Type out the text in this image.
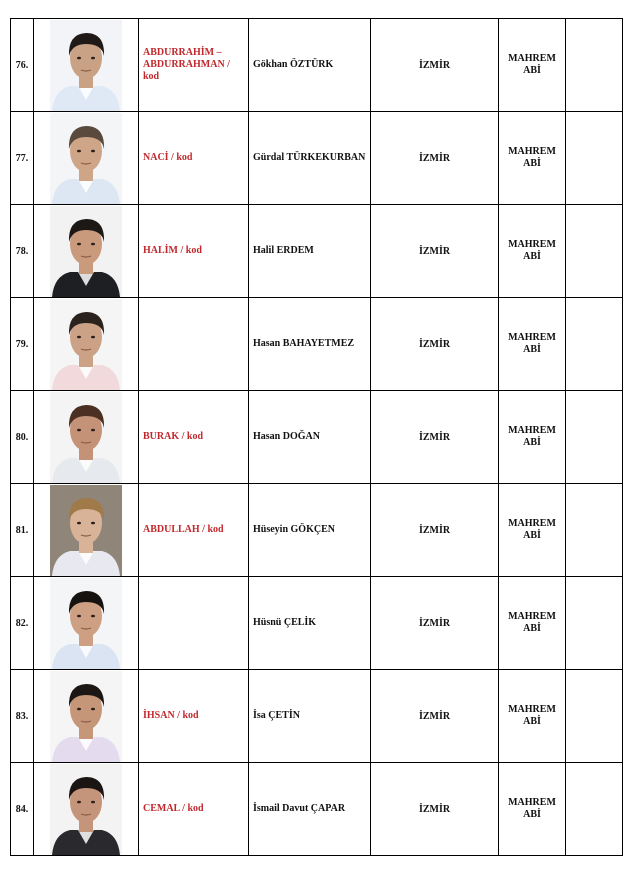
76.		ABDURRAHİM – ABDURRAHMAN / kod	Gökhan ÖZTÜRK	İZMİR	MAHREM ABİ	
77.		NACİ / kod	Gürdal TÜRKEKURBAN	İZMİR	MAHREM ABİ	
78.		HALİM / kod	Halil ERDEM	İZMİR	MAHREM ABİ	
79.			Hasan BAHAYETMEZ	İZMİR	MAHREM ABİ	
80.		BURAK / kod	Hasan DOĞAN	İZMİR	MAHREM ABİ	
81.		ABDULLAH / kod	Hüseyin GÖKÇEN	İZMİR	MAHREM ABİ	
82.			Hüsnü ÇELİK	İZMİR	MAHREM ABİ	
83.		İHSAN / kod	İsa ÇETİN	İZMİR	MAHREM ABİ	
84.		CEMAL / kod	İsmail Davut ÇAPAR	İZMİR	MAHREM ABİ	
